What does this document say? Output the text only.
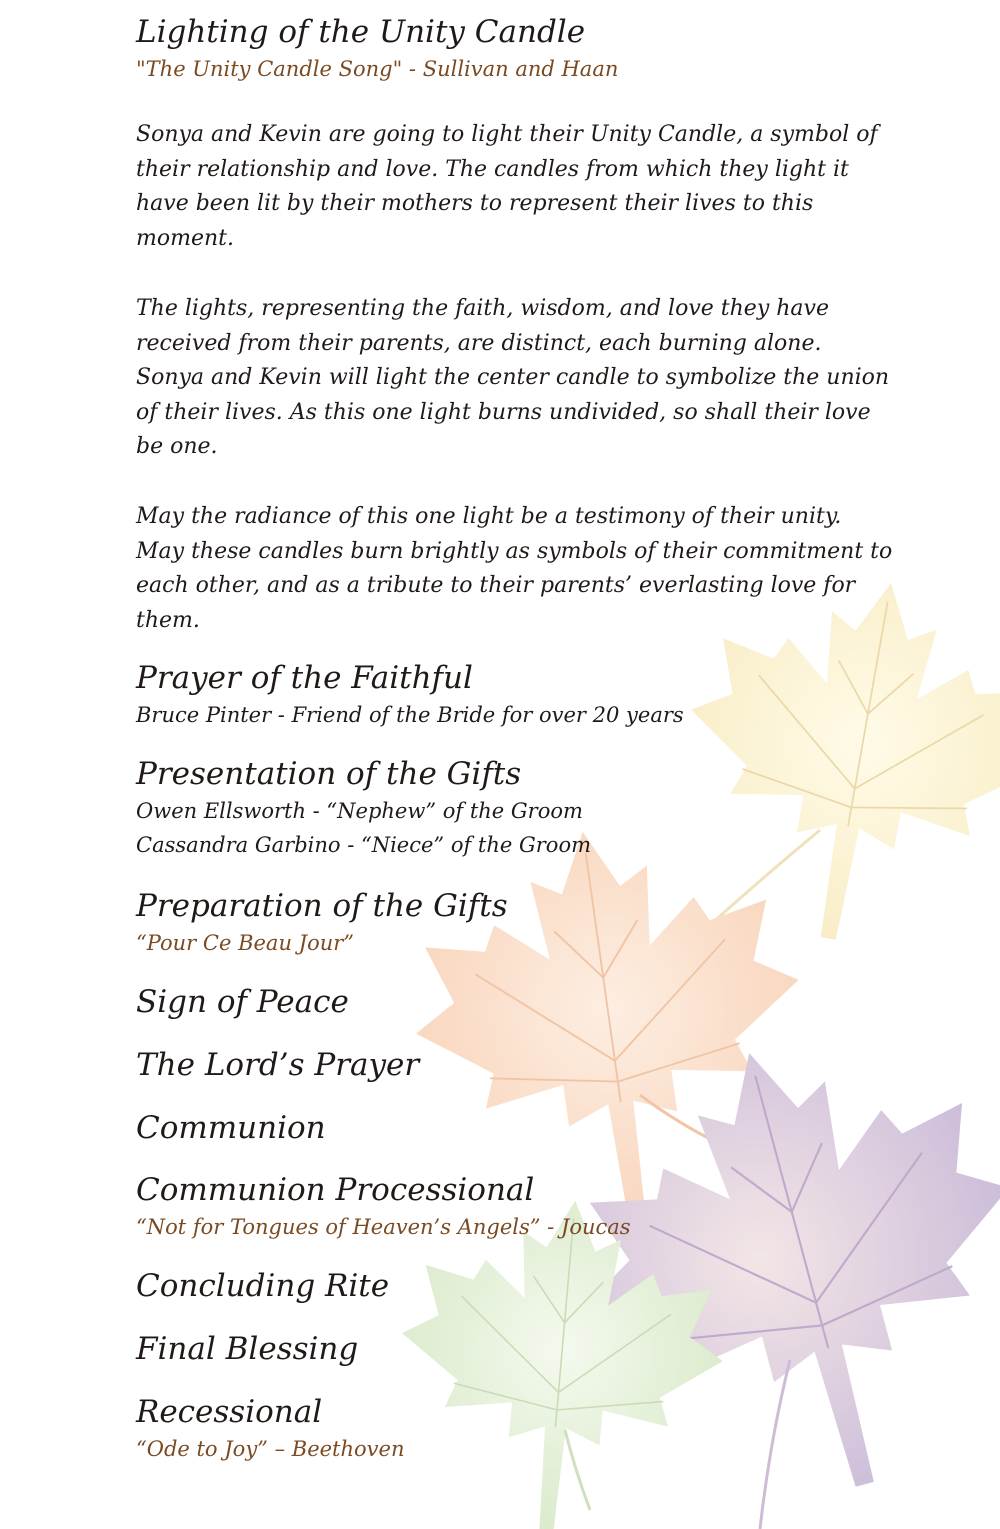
Lighting of the Unity Candle

"The Unity Candle Song" - Sullivan and Haan

Sonya and Kevin are going to light their Unity Candle, a symbol of their relationship and love. The candles from which they light it have been lit by their mothers to represent their lives to this moment.

The lights, representing the faith, wisdom, and love they have received from their parents, are distinct, each burning alone. Sonya and Kevin will light the center candle to symbolize the union of their lives. As this one light burns undivided, so shall their love be one.

May the radiance of this one light be a testimony of their unity. May these candles burn brightly as symbols of their commitment to each other, and as a tribute to their parents’ everlasting love for them.

Prayer of the Faithful

Bruce Pinter - Friend of the Bride for over 20 years

Presentation of the Gifts

Owen Ellsworth - “Nephew” of the Groom

Cassandra Garbino - “Niece” of the Groom

Preparation of the Gifts

“Pour Ce Beau Jour”

Sign of Peace
The Lord’s Prayer
Communion
Communion Processional

“Not for Tongues of Heaven’s Angels” - Joucas

Concluding Rite
Final Blessing
Recessional

“Ode to Joy” – Beethoven
